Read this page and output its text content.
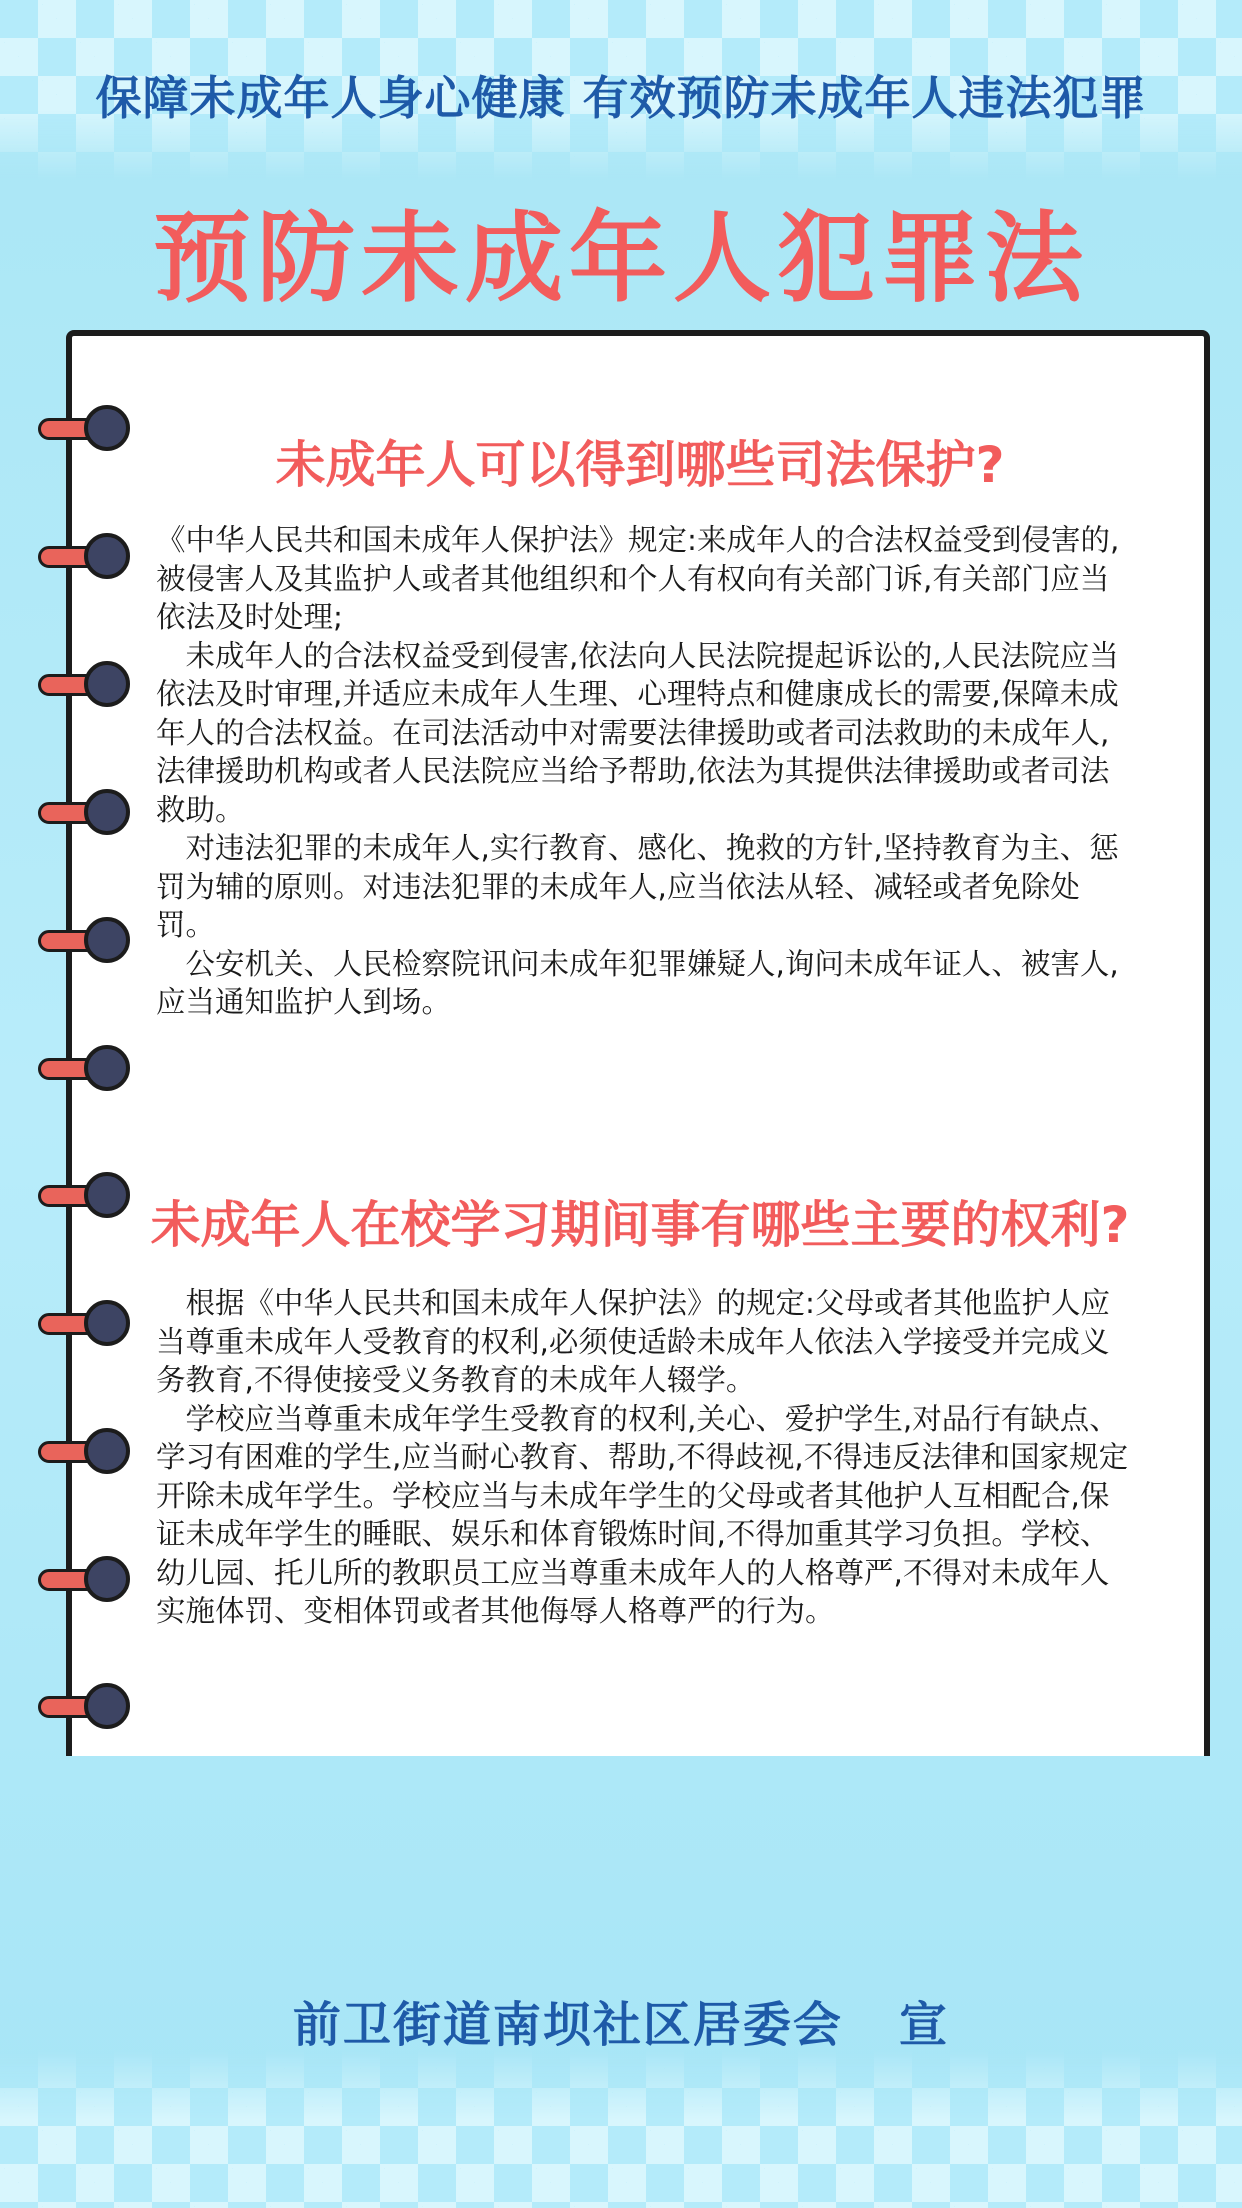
保障未成年人身心健康 有效预防未成年人违法犯罪
预防未成年人犯罪法
未成年人可以得到哪些司法保护?

《中华人民共和国未成年人保护法》规定:来成年人的合法权益受到侵害的,被侵害人及其监护人或者其他组织和个人有权向有关部门诉,有关部门应当依法及时处理;

未成年人的合法权益受到侵害,依法向人民法院提起诉讼的,人民法院应当依法及时审理,并适应未成年人生理、心理特点和健康成长的需要,保障未成年人的合法权益。在司法活动中对需要法律援助或者司法救助的未成年人,法律援助机构或者人民法院应当给予帮助,依法为其提供法律援助或者司法救助。

对违法犯罪的未成年人,实行教育、感化、挽救的方针,坚持教育为主、惩罚为辅的原则。对违法犯罪的未成年人,应当依法从轻、减轻或者免除处罚。

公安机关、人民检察院讯问未成年犯罪嫌疑人,询问未成年证人、被害人,应当通知监护人到场。

未成年人在校学习期间事有哪些主要的权利?

根据《中华人民共和国未成年人保护法》的规定:父母或者其他监护人应当尊重未成年人受教育的权利,必须使适龄未成年人依法入学接受并完成义务教育,不得使接受义务教育的未成年人辍学。

学校应当尊重未成年学生受教育的权利,关心、爱护学生,对品行有缺点、学习有困难的学生,应当耐心教育、帮助,不得歧视,不得违反法律和国家规定开除未成年学生。学校应当与未成年学生的父母或者其他护人互相配合,保证未成年学生的睡眠、娱乐和体育锻炼时间,不得加重其学习负担。学校、幼儿园、托儿所的教职员工应当尊重未成年人的人格尊严,不得对未成年人实施体罚、变相体罚或者其他侮辱人格尊严的行为。

前卫街道南坝社区居委会   宣
